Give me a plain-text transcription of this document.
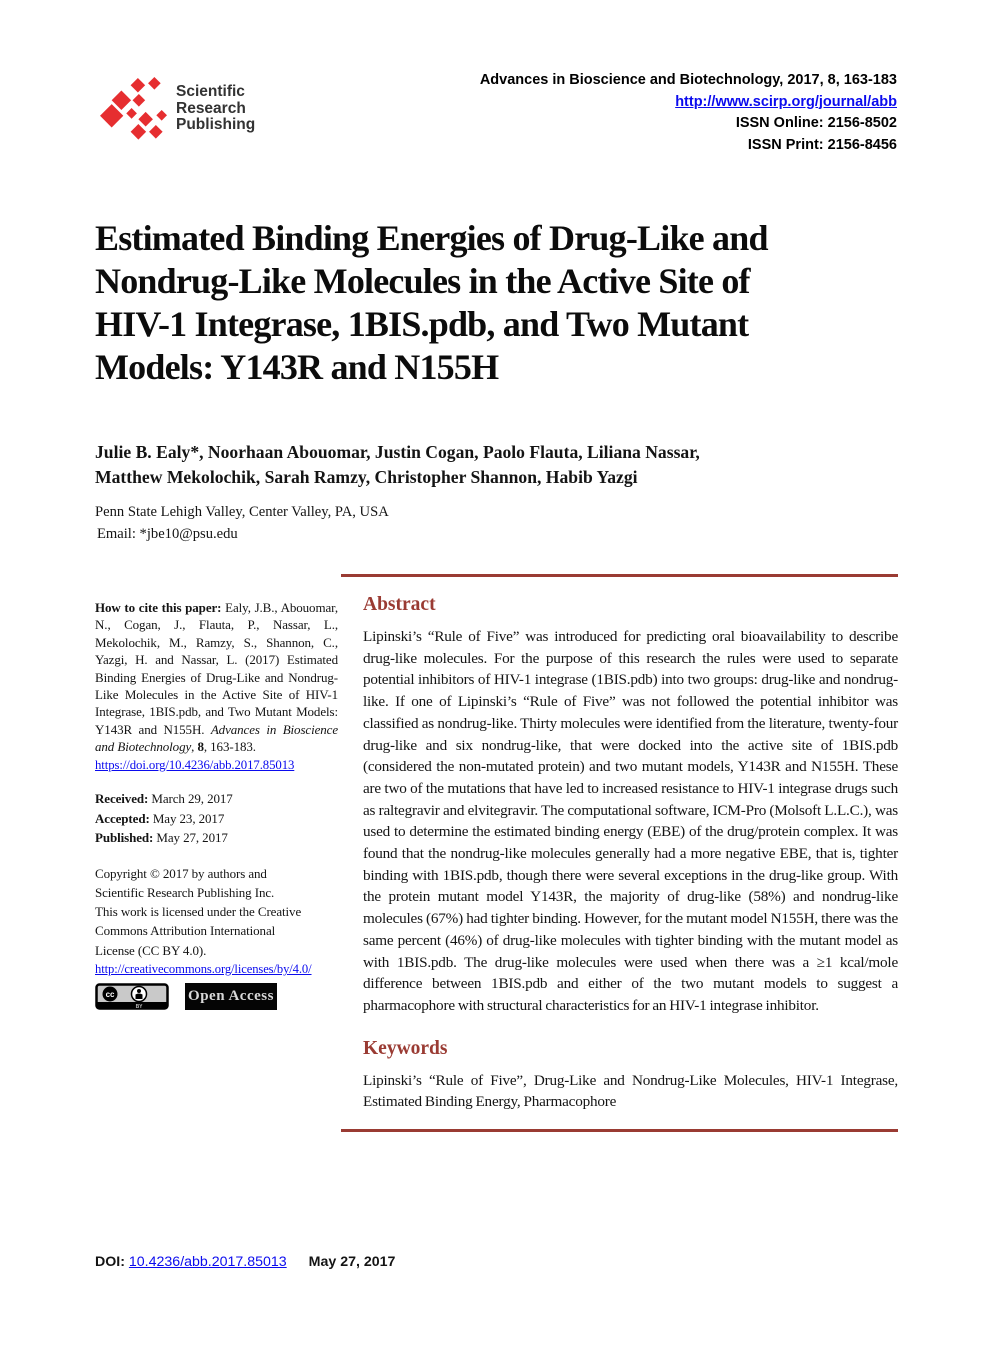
Scientific
Research
Publishing
Advances in Bioscience and Biotechnology, 2017, 8, 163-183
http://www.scirp.org/journal/abb
ISSN Online: 2156-8502
ISSN Print: 2156-8456
Estimated Binding Energies of Drug-Like and
Nondrug-Like Molecules in the Active Site of
HIV-1 Integrase, 1BIS.pdb, and Two Mutant
Models: Y143R and N155H
Julie B. Ealy*, Noorhaan Abouomar, Justin Cogan, Paolo Flauta, Liliana Nassar,
Matthew Mekolochik, Sarah Ramzy, Christopher Shannon, Habib Yazgi
Penn State Lehigh Valley, Center Valley, PA, USA
Email: *jbe10@psu.edu

How to cite this paper: Ealy, J.B., Abouomar, N., Cogan, J., Flauta, P., Nassar, L., Mekolochik, M., Ramzy, S., Shannon, C., Yazgi, H. and Nassar, L. (2017) Estimated Binding Energies of Drug-Like and Nondrug-Like Molecules in the Active Site of HIV-1 Integrase, 1BIS.pdb, and Two Mutant Models: Y143R and N155H. Advances in Bioscience and Biotechnology, 8, 163-183.

https://doi.org/10.4236/abb.2017.85013
Received: March 29, 2017
Accepted: May 23, 2017
Published: May 27, 2017
Copyright © 2017 by authors and
Scientific Research Publishing Inc.
This work is licensed under the Creative
Commons Attribution International
License (CC BY 4.0).
http://creativecommons.org/licenses/by/4.0/
cc
BY
Open Access
Abstract

Lipinski’s “Rule of Five” was introduced for predicting oral bioavailability to describe drug-like molecules. For the purpose of this research the rules were used to separate potential inhibitors of HIV-1 integrase (1BIS.pdb) into two groups: drug-like and nondrug-like. If one of Lipinski’s “Rule of Five” was not followed the potential inhibitor was classified as nondrug-like. Thirty molecules were identified from the literature, twenty-four drug-like and six nondrug-like, that were docked into the active site of 1BIS.pdb (considered the non-mutated protein) and two mutant models, Y143R and N155H. These are two of the mutations that have led to increased resistance to HIV-1 integrase drugs such as raltegravir and elvitegravir. The computational software, ICM-Pro (Molsoft L.L.C.), was used to determine the estimated binding energy (EBE) of the drug/protein complex. It was found that the nondrug-like molecules generally had a more negative EBE, that is, tighter binding with 1BIS.pdb, though there were several exceptions in the drug-like group. With the protein mutant model Y143R, the majority of drug-like (58%) and nondrug-like molecules (67%) had tighter binding. However, for the mutant model N155H, there was the same percent (46%) of drug-like molecules with tighter binding with the mutant model as with 1BIS.pdb. The drug-like molecules were used when there was a ≥1 kcal/mole difference between 1BIS.pdb and either of the two mutant models to suggest a pharmacophore with structural characteristics for an HIV-1 integrase inhibitor.

Keywords

Lipinski’s “Rule of Five”, Drug-Like and Nondrug-Like Molecules, HIV-1 Integrase, Estimated Binding Energy, Pharmacophore

DOI: 10.4236/abb.2017.85013 May 27, 2017
